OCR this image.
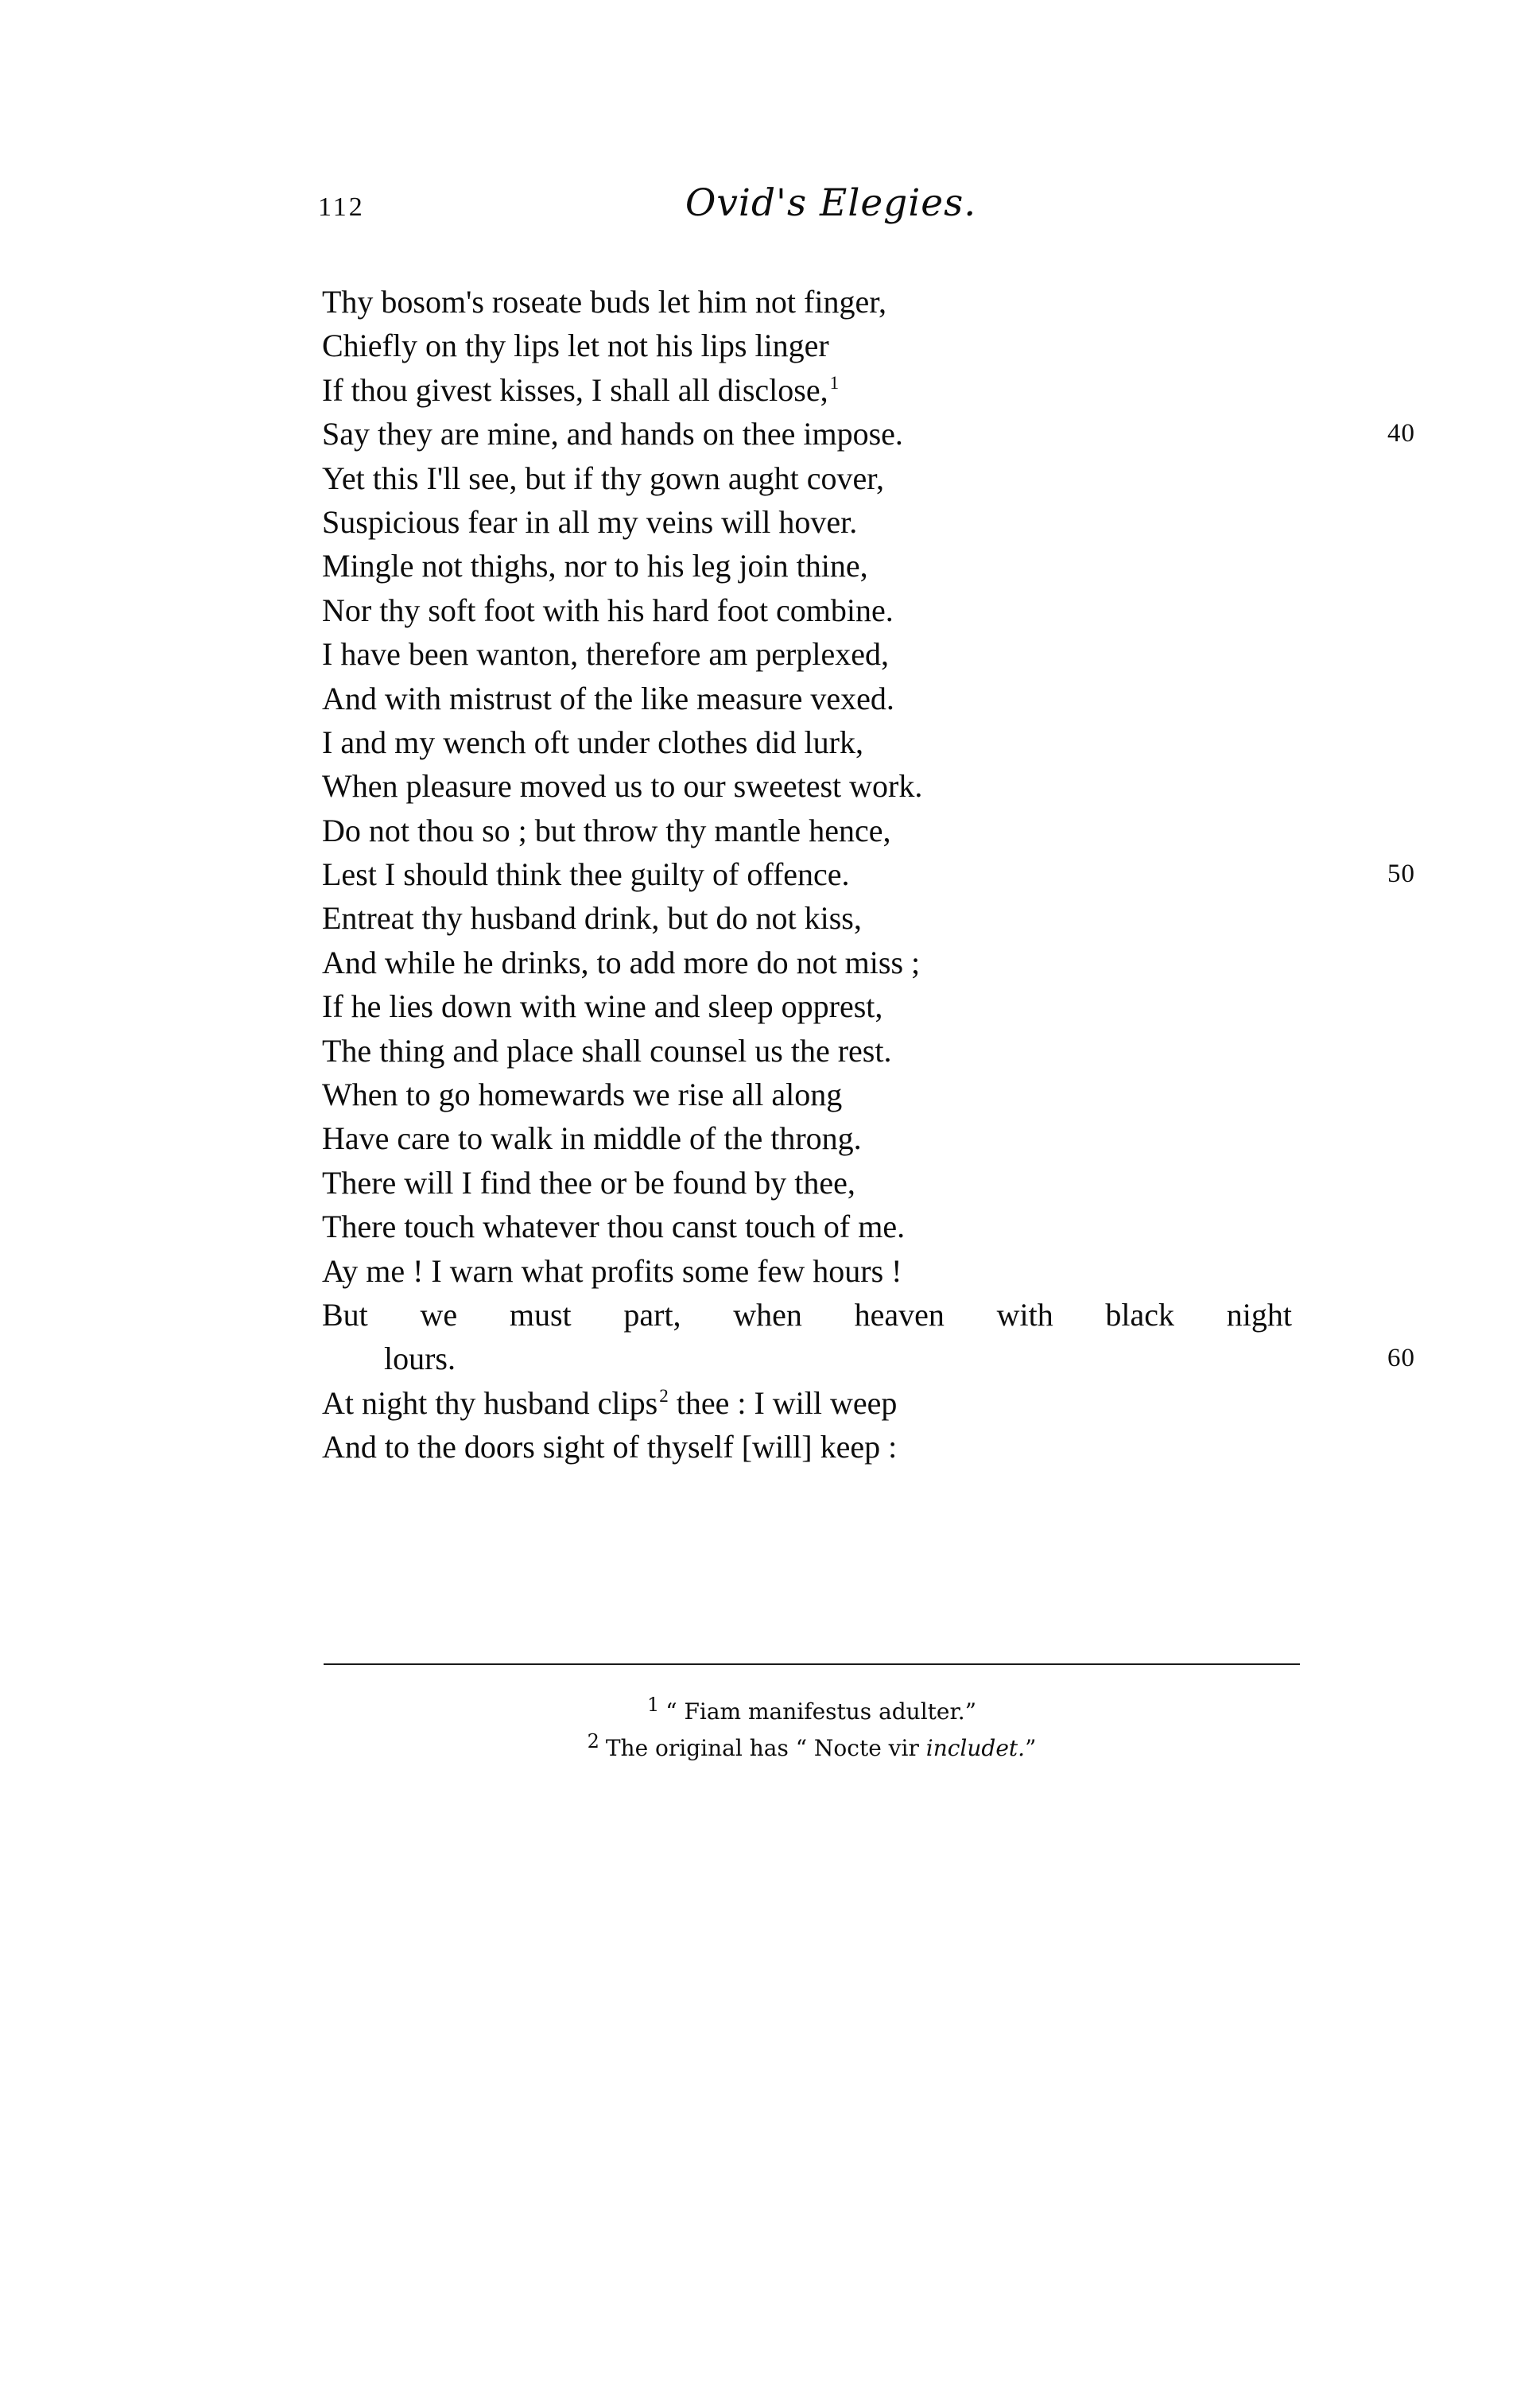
112	Ovid's Elegies.
Thy bosom's roseate buds let him not finger,
Chiefly on thy lips let not his lips linger
If thou givest kisses, I shall all disclose,$^1$
Say they are mine, and hands on thee impose.	40
Yet this I'll see, but if thy gown aught cover,
Suspicious fear in all my veins will hover.
Mingle not thighs, nor to his leg join thine,
Nor thy soft foot with his hard foot combine.
I have been wanton, therefore am perplexed,
And with mistrust of the like measure vexed.
I and my wench oft under clothes did lurk,
When pleasure moved us to our sweetest work.
Do not thou so ; but throw thy mantle hence,
Lest I should think thee guilty of offence.	50
Entreat thy husband drink, but do not kiss,
And while he drinks, to add more do not miss ;
If he lies down with wine and sleep opprest,
The thing and place shall counsel us the rest.
When to go homewards we rise all along
Have care to walk in middle of the throng.
There will I find thee or be found by thee,
There touch whatever thou canst touch of me.
Ay me ! I warn what profits some few hours !
But we must part, when heaven with black night
lours.	60
At night thy husband clips$^2$ thee : I will weep
And to the doors sight of thyself [will] keep :
1 “ Fiam manifestus adulter.”
2 The original has “ Nocte vir includet.”
